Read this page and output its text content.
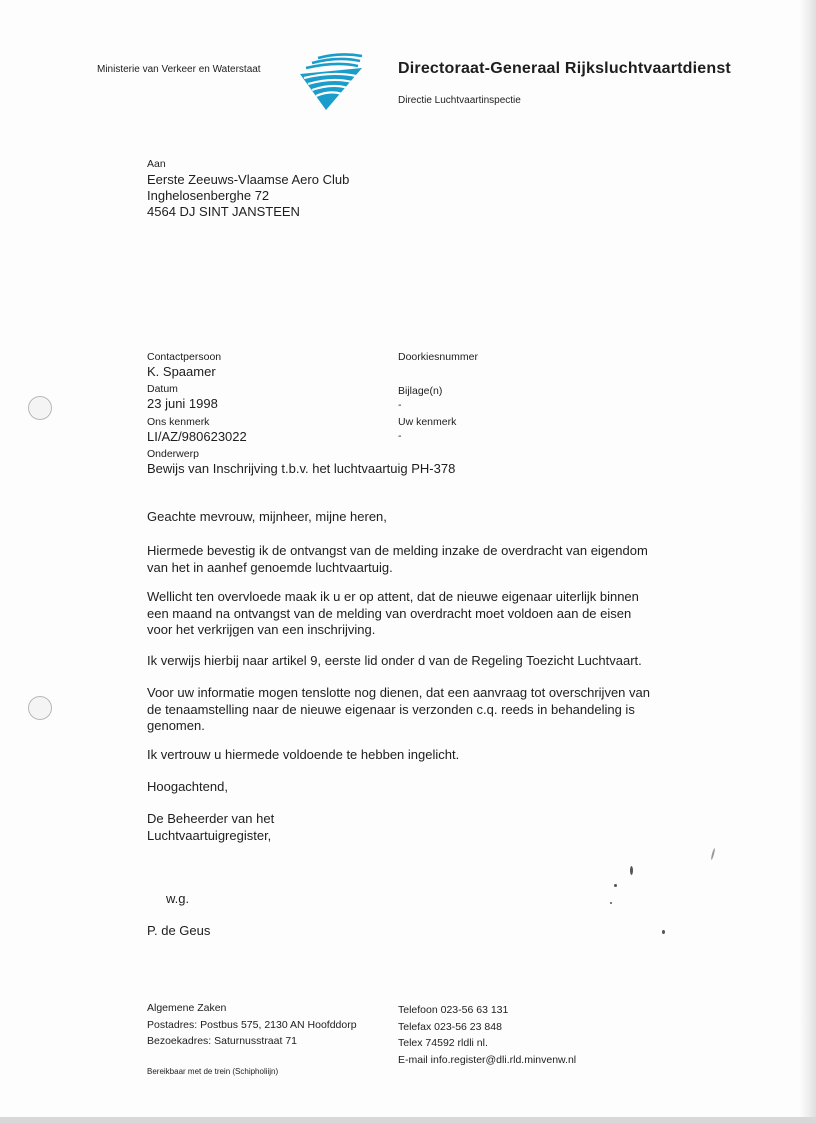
Ministerie van Verkeer en Waterstaat	Directoraat-Generaal Rijksluchtvaartdienst
Directie Luchtvaartinspectie
Aan
Eerste Zeeuws-Vlaamse Aero Club
Inghelosenberghe 72
4564 DJ SINT JANSTEEN
Contactpersoon
K. Spaamer
Datum
23 juni 1998
Ons kenmerk
LI/AZ/980623022
Onderwerp
Bewijs van Inschrijving t.b.v. het luchtvaartuig PH-378
Doorkiesnummer
Bijlage(n)
-
Uw kenmerk
-
Geachte mevrouw, mijnheer, mijne heren,

Hiermede bevestig ik de ontvangst van de melding inzake de overdracht van eigendom

van het in aanhef genoemde luchtvaartuig.

Wellicht ten overvloede maak ik u er op attent, dat de nieuwe eigenaar uiterlijk binnen

een maand na ontvangst van de melding van overdracht moet voldoen aan de eisen

voor het verkrijgen van een inschrijving.

Ik verwijs hierbij naar artikel 9, eerste lid onder d van de Regeling Toezicht Luchtvaart.

Voor uw informatie mogen tenslotte nog dienen, dat een aanvraag tot overschrijven van

de tenaamstelling naar de nieuwe eigenaar is verzonden c.q. reeds in behandeling is

genomen.

Ik vertrouw u hiermede voldoende te hebben ingelicht.
Hoogachtend,

De Beheerder van het

Luchtvaartuigregister,

w.g.
P. de Geus

Algemene Zaken

Postadres: Postbus 575, 2130 AN Hoofddorp

Bezoekadres: Saturnusstraat 71

Telefoon 023-56 63 131

Telefax 023-56 23 848

Telex 74592 rldli nl.

E-mail info.register@dli.rld.minvenw.nl

Bereikbaar met de trein (Schipholiijn)
